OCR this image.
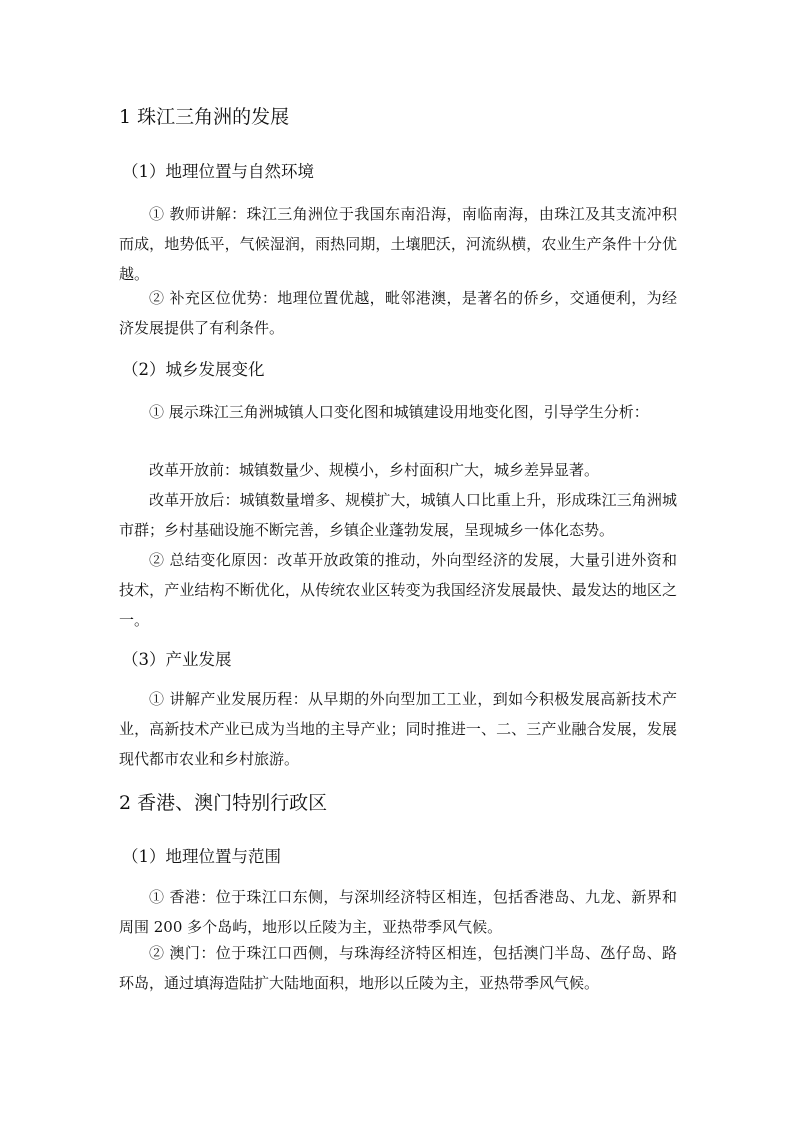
1 珠江三角洲的发展
（1）地理位置与自然环境

① 教师讲解：珠江三角洲位于我国东南沿海，南临南海，由珠江及其支流冲积而成，地势低平，气候湿润，雨热同期，土壤肥沃，河流纵横，农业生产条件十分优越。

② 补充区位优势：地理位置优越，毗邻港澳，是著名的侨乡，交通便利，为经济发展提供了有利条件。

（2）城乡发展变化

① 展示珠江三角洲城镇人口变化图和城镇建设用地变化图，引导学生分析：

改革开放前：城镇数量少、规模小，乡村面积广大，城乡差异显著。

改革开放后：城镇数量增多、规模扩大，城镇人口比重上升，形成珠江三角洲城市群；乡村基础设施不断完善，乡镇企业蓬勃发展，呈现城乡一体化态势。

② 总结变化原因：改革开放政策的推动，外向型经济的发展，大量引进外资和技术，产业结构不断优化，从传统农业区转变为我国经济发展最快、最发达的地区之一。

（3）产业发展

① 讲解产业发展历程：从早期的外向型加工工业，到如今积极发展高新技术产业，高新技术产业已成为当地的主导产业；同时推进一、二、三产业融合发展，发展现代都市农业和乡村旅游。

2 香港、澳门特别行政区
（1）地理位置与范围

① 香港：位于珠江口东侧，与深圳经济特区相连，包括香港岛、九龙、新界和周围 200 多个岛屿，地形以丘陵为主，亚热带季风气候。

② 澳门：位于珠江口西侧，与珠海经济特区相连，包括澳门半岛、氹仔岛、路环岛，通过填海造陆扩大陆地面积，地形以丘陵为主，亚热带季风气候。
